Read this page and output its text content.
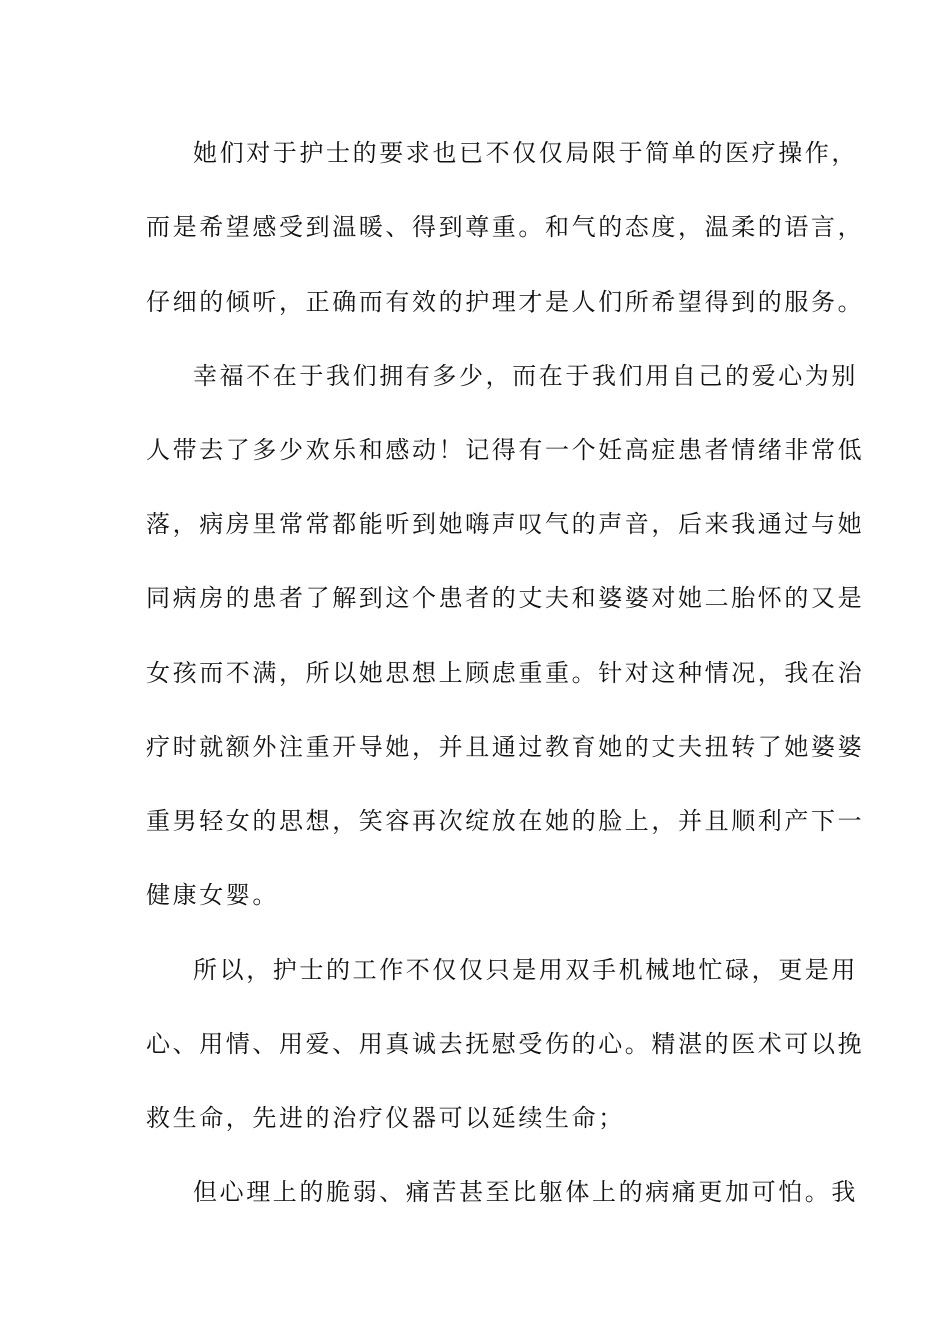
她们对于护士的要求也已不仅仅局限于简单的医疗操作，
而是希望感受到温暖、得到尊重。和气的态度，温柔的语言，
仔细的倾听，正确而有效的护理才是人们所希望得到的服务。
幸福不在于我们拥有多少，而在于我们用自己的爱心为别
人带去了多少欢乐和感动！记得有一个妊高症患者情绪非常低
落，病房里常常都能听到她嗨声叹气的声音，后来我通过与她
同病房的患者了解到这个患者的丈夫和婆婆对她二胎怀的又是
女孩而不满，所以她思想上顾虑重重。针对这种情况，我在治
疗时就额外注重开导她，并且通过教育她的丈夫扭转了她婆婆
重男轻女的思想，笑容再次绽放在她的脸上，并且顺利产下一
健康女婴。
所以，护士的工作不仅仅只是用双手机械地忙碌，更是用
心、用情、用爱、用真诚去抚慰受伤的心。精湛的医术可以挽
救生命，先进的治疗仪器可以延续生命；
但心理上的脆弱、痛苦甚至比躯体上的病痛更加可怕。我
